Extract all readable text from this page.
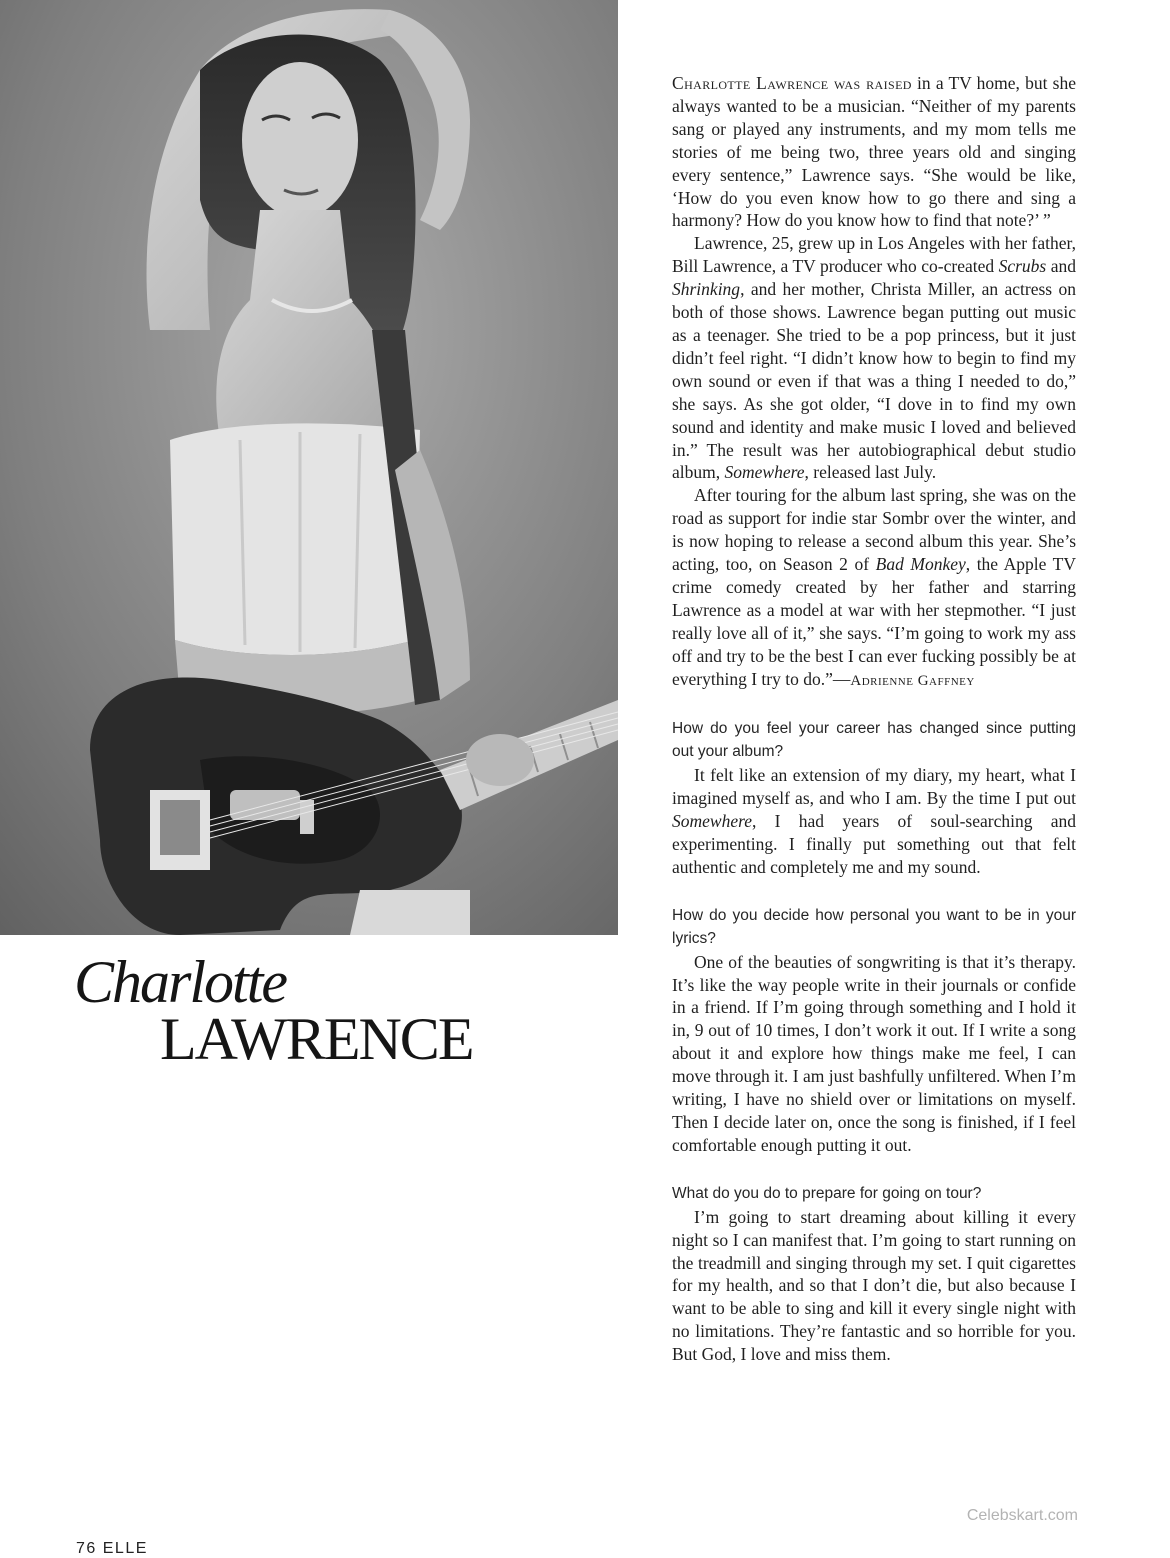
Charlotte
LAWRENCE

Charlotte Lawrence was raised in a TV home, but she always wanted to be a musician. “Neither of my parents sang or played any instruments, and my mom tells me stories of me being two, three years old and singing every sentence,” Lawrence says. “She would be like, ‘How do you even know how to go there and sing a harmony? How do you know how to find that note?’ ”

Lawrence, 25, grew up in Los Angeles with her father, Bill Lawrence, a TV producer who co-created Scrubs and Shrinking, and her mother, Christa Miller, an actress on both of those shows. Lawrence began putting out music as a teenager. She tried to be a pop princess, but it just didn’t feel right. “I didn’t know how to begin to find my own sound or even if that was a thing I needed to do,” she says. As she got older, “I dove in to find my own sound and identity and make music I loved and believed in.” The result was her autobiographical debut studio album, Somewhere, released last July.

After touring for the album last spring, she was on the road as support for indie star Sombr over the winter, and is now hoping to release a second album this year. She’s acting, too, on Season 2 of Bad Monkey, the Apple TV crime comedy created by her father and starring Lawrence as a model at war with her stepmother. “I just really love all of it,” she says. “I’m going to work my ass off and try to be the best I can ever fucking possibly be at everything I try to do.”—Adrienne Gaffney

How do you feel your career has changed since putting out your album?

It felt like an extension of my diary, my heart, what I imagined myself as, and who I am. By the time I put out Somewhere, I had years of soul-searching and experimenting. I finally put something out that felt authentic and completely me and my sound.

How do you decide how personal you want to be in your lyrics?

One of the beauties of songwriting is that it’s therapy. It’s like the way people write in their journals or confide in a friend. If I’m going through something and I hold it in, 9 out of 10 times, I don’t work it out. If I write a song about it and explore how things make me feel, I can move through it. I am just bashfully unfiltered. When I’m writing, I have no shield over or limitations on myself. Then I decide later on, once the song is finished, if I feel comfortable enough putting it out.

What do you do to prepare for going on tour?

I’m going to start dreaming about killing it every night so I can manifest that. I’m going to start running on the treadmill and singing through my set. I quit cigarettes for my health, and so that I don’t die, but also because I want to be able to sing and kill it every single night with no limitations. They’re fantastic and so horrible for you. But God, I love and miss them.

Celebskart.com
76 ELLE
